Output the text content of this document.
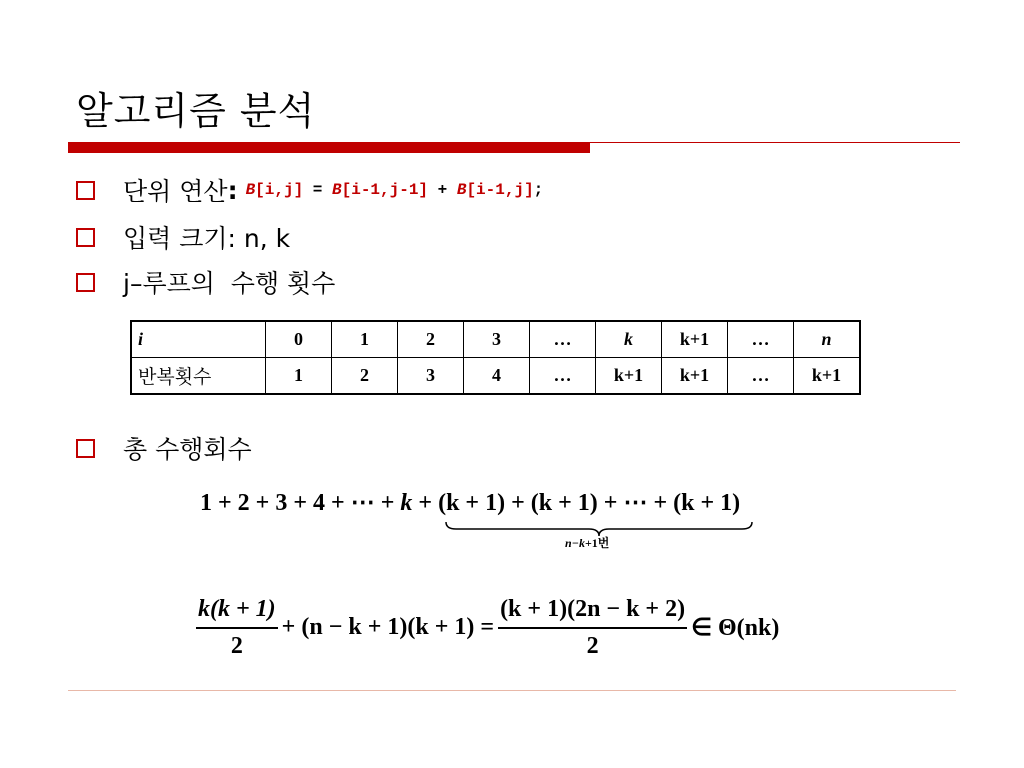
알고리즘 분석
단위 연산 : B[i,j] = B[i-1,j-1] + B[i-1,j];
입력 크기: n, k
j–루프의  수행 횟수
i	0	1	2	3	…	k	k+1	…	n
반복횟수	1	2	3	4	…	k+1	k+1	…	k+1
총 수행회수
1 + 2 + 3 + 4 + ⋯ + k + (k + 1) + (k + 1) + ⋯ + (k + 1)
n−k+1번
$\frac{k(k + 1)}{2} + (n - k + 1)(k + 1) = \frac{(k + 1)(2n - k + 2)}{2}$ ∈ Θ(nk)
